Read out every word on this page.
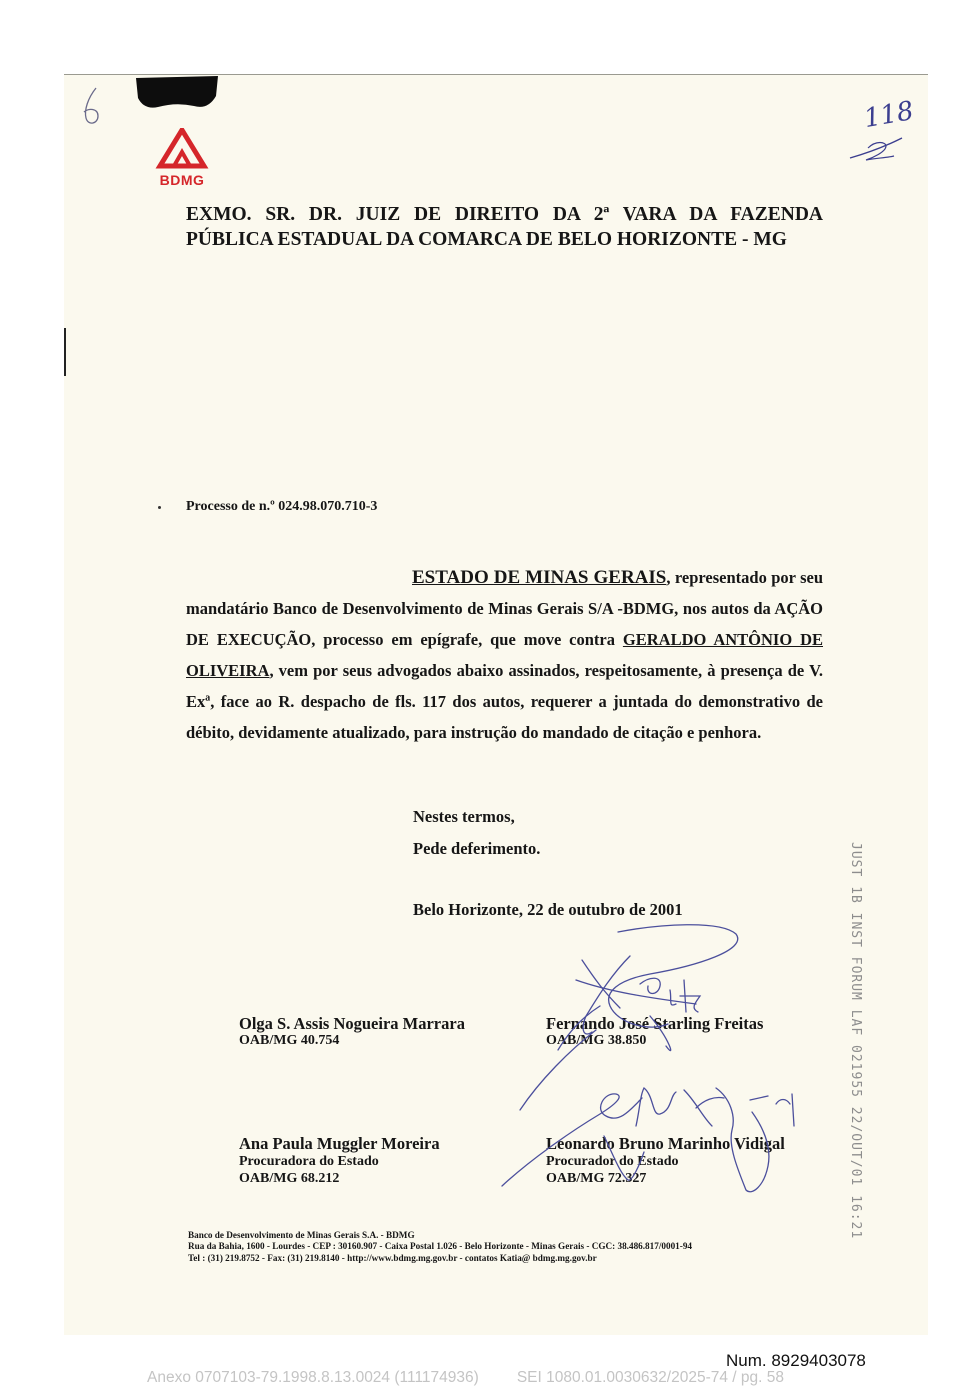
118
BDMG
EXMO. SR. DR. JUIZ DE DIREITO DA 2ª VARA DA FAZENDA
PÚBLICA ESTADUAL DA COMARCA DE BELO HORIZONTE - MG
Processo de n.º 024.98.070.710-3
ESTADO DE MINAS GERAIS, representado por seu mandatário Banco de Desenvolvimento de Minas Gerais S/A -BDMG, nos autos da AÇÃO DE EXECUÇÃO, processo em epígrafe, que move contra GERALDO ANTÔNIO DE OLIVEIRA, vem por seus advogados abaixo assinados, respeitosamente, à presença de V. Exª, face ao R. despacho de fls. 117 dos autos, requerer a juntada do demonstrativo de débito, devidamente atualizado, para instrução do mandado de citação e penhora.
Nestes termos,
Pede deferimento.
Belo Horizonte, 22 de outubro de 2001
Olga S. Assis Nogueira Marrara
OAB/MG 40.754
Fernando José Starling Freitas
OAB/MG 38.850
Ana Paula Muggler Moreira
Procuradora do Estado
OAB/MG 68.212
Leonardo Bruno Marinho Vidigal
Procurador do Estado
OAB/MG 72.327
Banco de Desenvolvimento de Minas Gerais S.A. - BDMG
Rua da Bahia, 1600 - Lourdes - CEP : 30160.907 - Caixa Postal 1.026 - Belo Horizonte - Minas Gerais - CGC: 38.486.817/0001-94
Tel : (31) 219.8752 - Fax: (31) 219.8140 - http://www.bdmg.mg.gov.br - contatos Katia@ bdmg.mg.gov.br
JUST 1B INST FORUM LAF 021955 22/OUT/01 16:21
Num. 8929403078
Anexo 0707103-79.1998.8.13.0024 (111174936) SEI 1080.01.0030632/2025-74 / pg. 58
